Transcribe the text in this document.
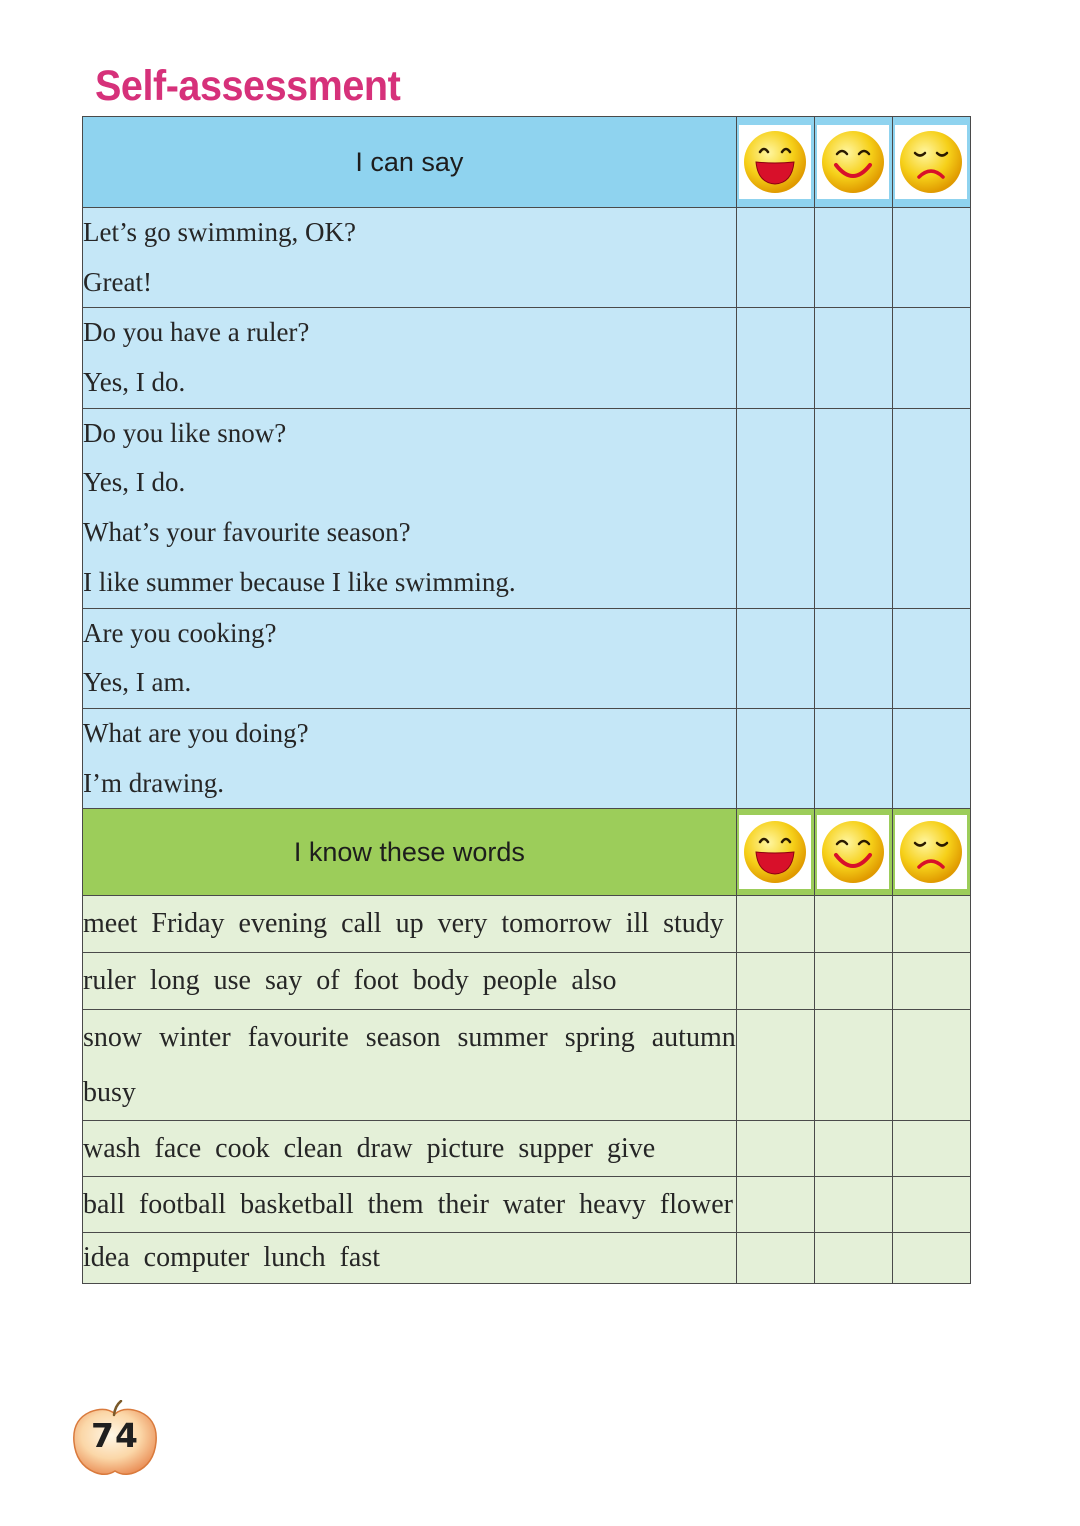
Self-assessment
I can say	

Let’s go swimming, OK?
Great!			

Do you have a ruler?
Yes, I do.			

Do you like snow?
Yes, I do.
What’s your favourite season?
I like summer because I like swimming.			

Are you cooking?
Yes, I am.			

What are you doing?
I’m drawing.			

I know these words	

meet Friday evening call up very tomorrow ill study			
ruler long use say of foot body people also			
snow winter favourite season summer spring autumn busy			
wash face cook clean draw picture supper give			
ball football basketball them their water heavy flower			
idea computer lunch fast			
74
